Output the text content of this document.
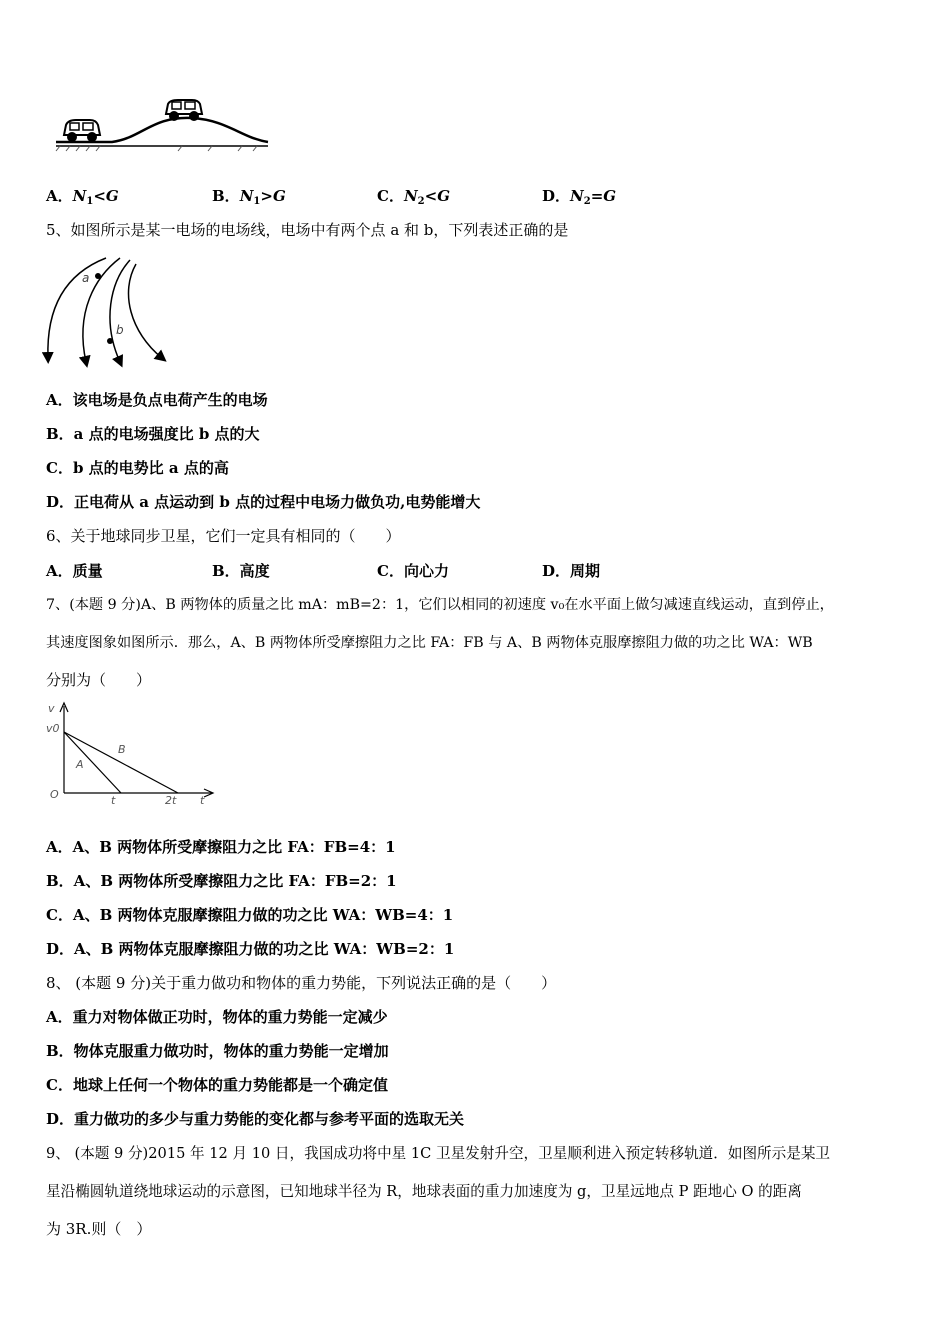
A．$N_1<G$	B．$N_1>G$	C．$N_2<G$	D．$N_2=G$
5、如图所示是某一电场的电场线，电场中有两个点 a 和 b，下列表述正确的是
a
b
A．该电场是负点电荷产生的电场
B．a 点的电场强度比 b 点的大
C．b 点的电势比 a 点的高
D．正电荷从 a 点运动到 b 点的过程中电场力做负功,电势能增大
6、关于地球同步卫星，它们一定具有相同的（　　）
A．质量	B．高度	C．向心力	D．周期
7、(本题 9 分)A、B 两物体的质量之比 mA：mB=2：1，它们以相同的初速度 v₀在水平面上做匀减速直线运动，直到停止，
其速度图象如图所示．那么，A、B 两物体所受摩擦阻力之比 FA：FB 与 A、B 两物体克服摩擦阻力做的功之比 WA：WB
分别为（　　）
v
v0
O	t	2t t
A
B
A．A、B 两物体所受摩擦阻力之比 FA：FB=4：1
B．A、B 两物体所受摩擦阻力之比 FA：FB=2：1
C．A、B 两物体克服摩擦阻力做的功之比 WA：WB=4：1
D．A、B 两物体克服摩擦阻力做的功之比 WA：WB=2：1
8、 (本题 9 分)关于重力做功和物体的重力势能，下列说法正确的是（　　）
A．重力对物体做正功时，物体的重力势能一定减少
B．物体克服重力做功时，物体的重力势能一定增加
C．地球上任何一个物体的重力势能都是一个确定值
D．重力做功的多少与重力势能的变化都与参考平面的选取无关
9、 (本题 9 分)2015 年 12 月 10 日，我国成功将中星 1C 卫星发射升空，卫星顺利进入预定转移轨道．如图所示是某卫
星沿椭圆轨道绕地球运动的示意图，已知地球半径为 R，地球表面的重力加速度为 g，卫星远地点 P 距地心 O 的距离
为 3R.则（　）
